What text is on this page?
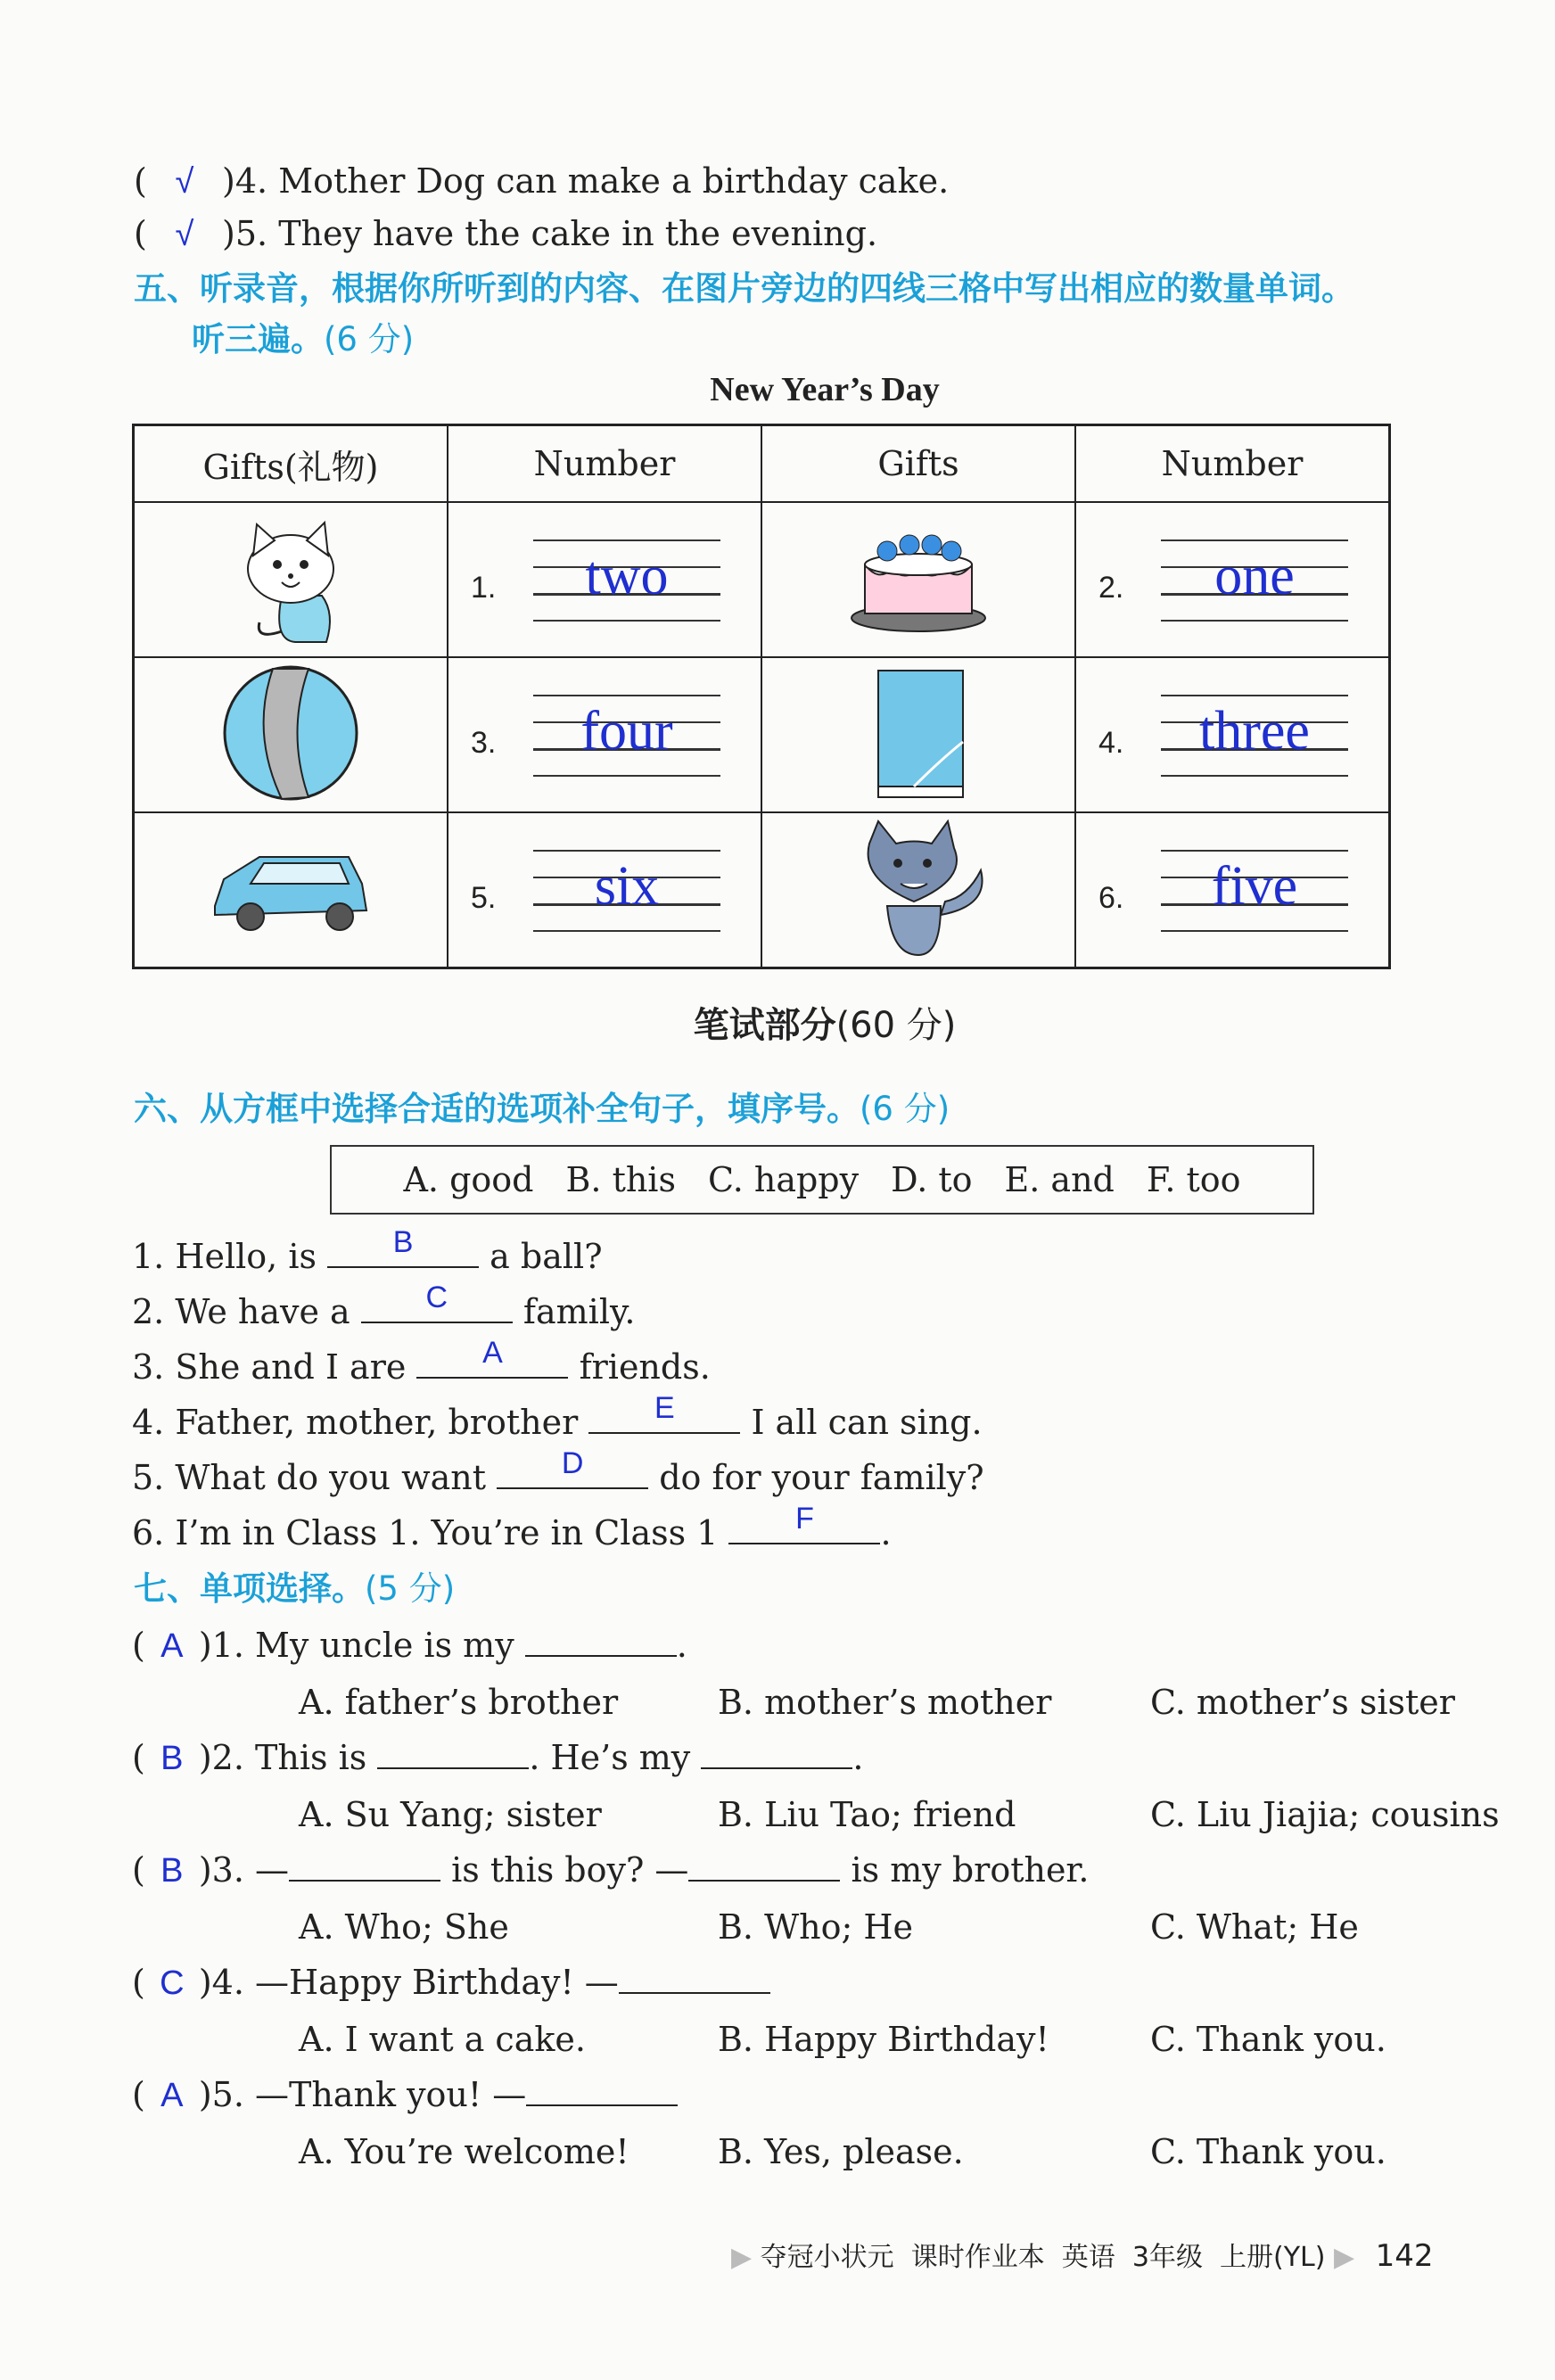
( √ )4. Mother Dog can make a birthday cake.
( √ )5. They have the cake in the evening.
五、听录音，根据你所听到的内容、在图片旁边的四线三格中写出相应的数量单词。
听三遍。(6 分)
New Year’s Day
Gifts(礼物)	Number	Gifts	Number

1. two		2. one

3. four		4. three

5. six		6. five
笔试部分(60 分)
六、从方框中选择合适的选项补全句子，填序号。(6 分)
A. good B. this C. happy D. to E. and F. too
1. Hello, is	B	a ball?
2. We have a	C	family.
3. She and I are	A	friends.
4. Father, mother, brother	E	I all can sing.
5. What do you want	D	do for your family?
6. I’m in Class 1. You’re in Class 1	F	.
七、单项选择。(5 分)
( A )1. My uncle is my	.
A. father’s brother	B. mother’s mother	C. mother’s sister
( B )2. This is	. He’s my	.
A. Su Yang; sister	B. Liu Tao; friend	C. Liu Jiajia; cousins
( B )3. —	is this boy? —	is my brother.
A. Who; She	B. Who; He	C. What; He
( C )4. —Happy Birthday! —
A. I want a cake.	B. Happy Birthday!	C. Thank you.
( A )5. —Thank you! —
A. You’re welcome!	B. Yes, please.	C. Thank you.
▶ 夺冠小状元 课时作业本 英语 3年级 上册(YL) ▶ 142
